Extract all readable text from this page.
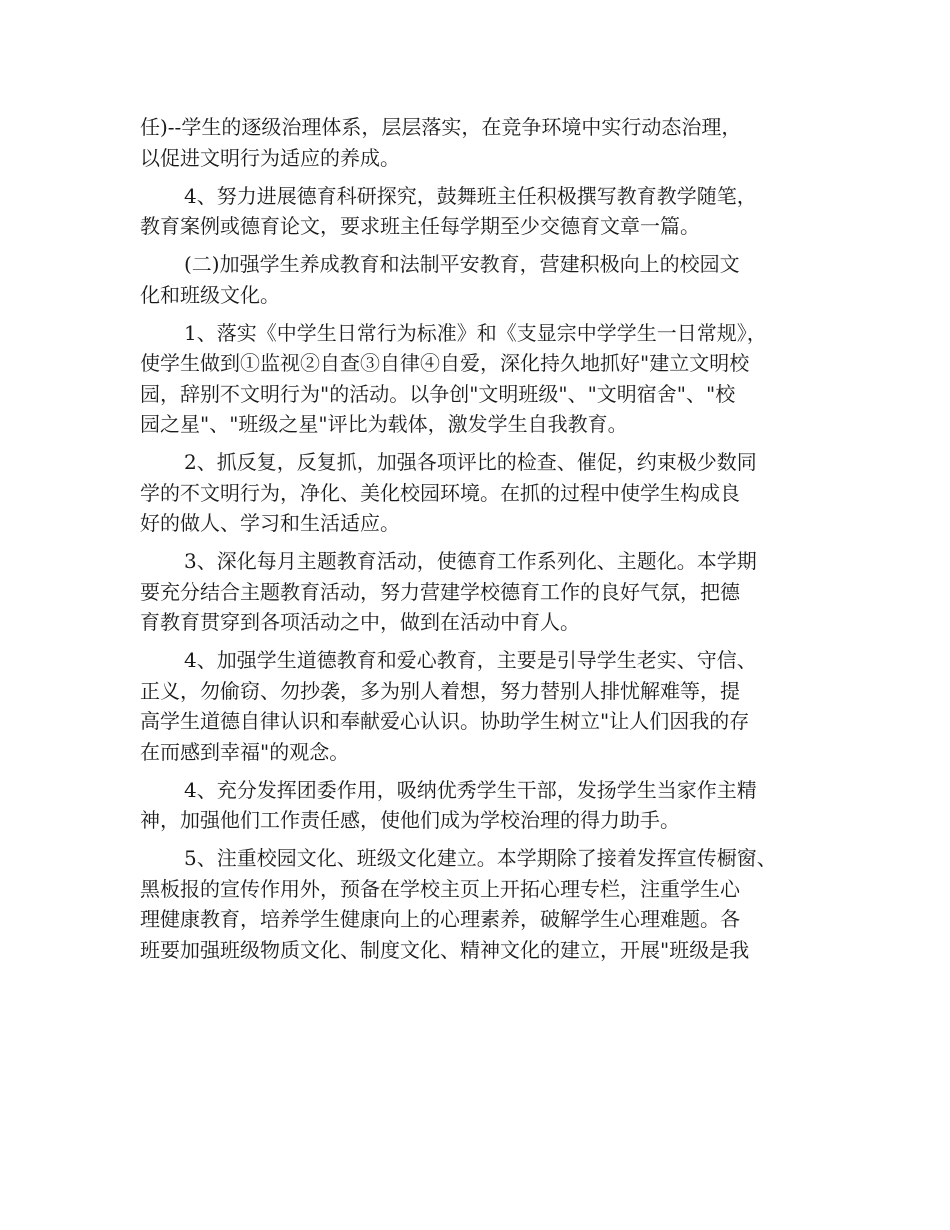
任)--学生的逐级治理体系，层层落实，在竞争环境中实行动态治理，
以促进文明行为适应的养成。
4、努力进展德育科研探究，鼓舞班主任积极撰写教育教学随笔，
教育案例或德育论文，要求班主任每学期至少交德育文章一篇。
(二)加强学生养成教育和法制平安教育，营建积极向上的校园文
化和班级文化。
1、落实《中学生日常行为标准》和《支显宗中学学生一日常规》，
使学生做到①监视②自查③自律④自爱，深化持久地抓好"建立文明校
园，辞别不文明行为"的活动。以争创"文明班级"、"文明宿舍"、"校
园之星"、"班级之星"评比为载体，激发学生自我教育。
2、抓反复，反复抓，加强各项评比的检查、催促，约束极少数同
学的不文明行为，净化、美化校园环境。在抓的过程中使学生构成良
好的做人、学习和生活适应。
3、深化每月主题教育活动，使德育工作系列化、主题化。本学期
要充分结合主题教育活动，努力营建学校德育工作的良好气氛，把德
育教育贯穿到各项活动之中，做到在活动中育人。
4、加强学生道德教育和爱心教育，主要是引导学生老实、守信、
正义，勿偷窃、勿抄袭，多为别人着想，努力替别人排忧解难等，提
高学生道德自律认识和奉献爱心认识。协助学生树立"让人们因我的存
在而感到幸福"的观念。
4、充分发挥团委作用，吸纳优秀学生干部，发扬学生当家作主精
神，加强他们工作责任感，使他们成为学校治理的得力助手。
5、注重校园文化、班级文化建立。本学期除了接着发挥宣传橱窗、
黑板报的宣传作用外，预备在学校主页上开拓心理专栏，注重学生心
理健康教育，培养学生健康向上的心理素养，破解学生心理难题。各
班要加强班级物质文化、制度文化、精神文化的建立，开展"班级是我
